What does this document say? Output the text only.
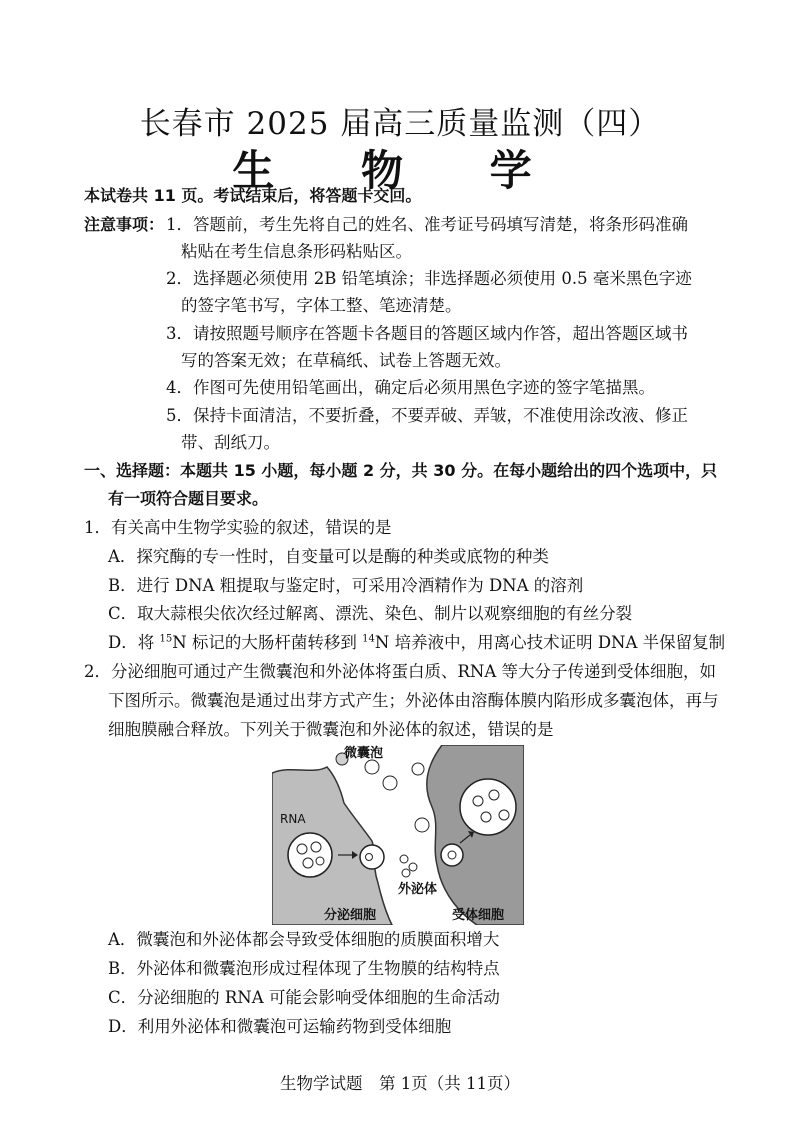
长春市 2025 届高三质量监测（四）
生 物 学
本试卷共 11 页。考试结束后，将答题卡交回。
注意事项： 1．答题前，考生先将自己的姓名、准考证号码填写清楚，将条形码准确
粘贴在考生信息条形码粘贴区。
2．选择题必须使用 2B 铅笔填涂；非选择题必须使用 0.5 毫米黑色字迹
的签字笔书写，字体工整、笔迹清楚。
3．请按照题号顺序在答题卡各题目的答题区域内作答，超出答题区域书
写的答案无效；在草稿纸、试卷上答题无效。
4．作图可先使用铅笔画出，确定后必须用黑色字迹的签字笔描黑。
5．保持卡面清洁，不要折叠，不要弄破、弄皱，不准使用涂改液、修正
带、刮纸刀。
一、选择题：本题共 15 小题，每小题 2 分，共 30 分。在每小题给出的四个选项中，只
有一项符合题目要求。
1．有关高中生物学实验的叙述，错误的是
A．探究酶的专一性时，自变量可以是酶的种类或底物的种类
B．进行 DNA 粗提取与鉴定时，可采用冷酒精作为 DNA 的溶剂
C．取大蒜根尖依次经过解离、漂洗、染色、制片以观察细胞的有丝分裂
D．将 $^{15}$N 标记的大肠杆菌转移到 $^{14}$N 培养液中，用离心技术证明 DNA 半保留复制
2．分泌细胞可通过产生微囊泡和外泌体将蛋白质、RNA 等大分子传递到受体细胞，如
下图所示。微囊泡是通过出芽方式产生；外泌体由溶酶体膜内陷形成多囊泡体，再与
细胞膜融合释放。下列关于微囊泡和外泌体的叙述，错误的是
微囊泡
RNA
外泌体
分泌细胞	受体细胞
A．微囊泡和外泌体都会导致受体细胞的质膜面积增大
B．外泌体和微囊泡形成过程体现了生物膜的结构特点
C．分泌细胞的 RNA 可能会影响受体细胞的生命活动
D．利用外泌体和微囊泡可运输药物到受体细胞
生物学试题　第 1页（共 11页）
